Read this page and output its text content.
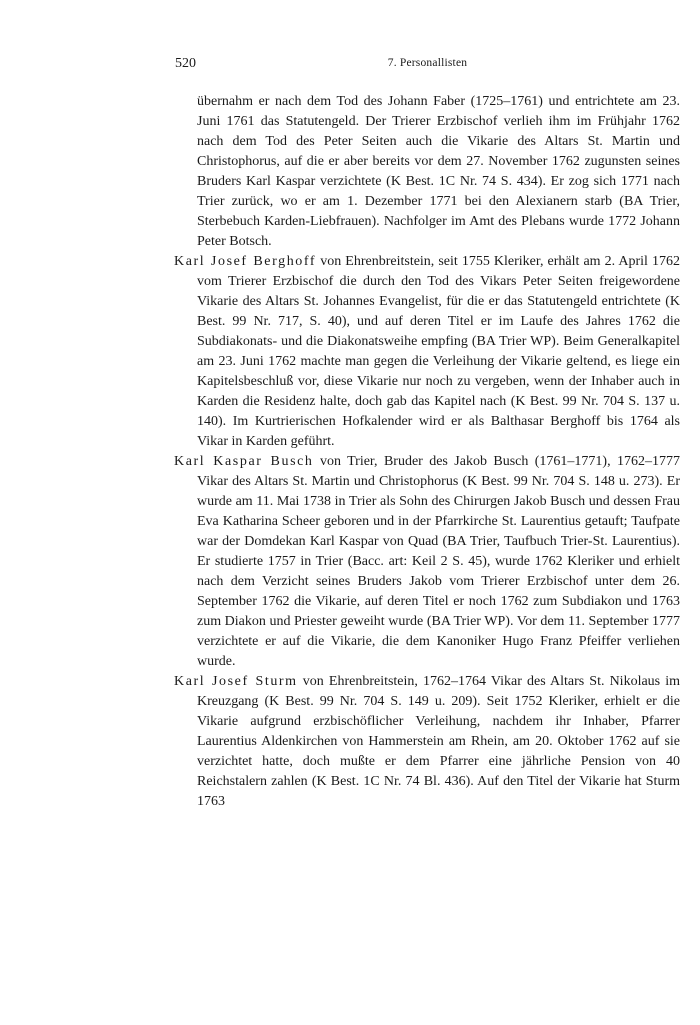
520	7. Personallisten

übernahm er nach dem Tod des Johann Faber (1725–1761) und entrichtete am 23. Juni 1761 das Statutengeld. Der Trierer Erzbischof verlieh ihm im Frühjahr 1762 nach dem Tod des Peter Seiten auch die Vikarie des Altars St. Martin und Christophorus, auf die er aber bereits vor dem 27. November 1762 zugunsten seines Bruders Karl Kaspar verzichtete (K Best. 1C Nr. 74 S. 434). Er zog sich 1771 nach Trier zurück, wo er am 1. Dezember 1771 bei den Alexianern starb (BA Trier, Sterbebuch Karden-Liebfrauen). Nachfolger im Amt des Plebans wurde 1772 Johann Peter Botsch.

Karl Josef Berghoff von Ehrenbreitstein, seit 1755 Kleriker, erhält am 2. April 1762 vom Trierer Erzbischof die durch den Tod des Vikars Peter Seiten freigewordene Vikarie des Altars St. Johannes Evangelist, für die er das Statutengeld entrichtete (K Best. 99 Nr. 717, S. 40), und auf deren Titel er im Laufe des Jahres 1762 die Subdiakonats- und die Diakonatsweihe empfing (BA Trier WP). Beim Generalkapitel am 23. Juni 1762 machte man gegen die Verleihung der Vikarie geltend, es liege ein Kapitelsbeschluß vor, diese Vikarie nur noch zu vergeben, wenn der Inhaber auch in Karden die Residenz halte, doch gab das Kapitel nach (K Best. 99 Nr. 704 S. 137 u. 140). Im Kurtrierischen Hofkalender wird er als Balthasar Berghoff bis 1764 als Vikar in Karden geführt.

Karl Kaspar Busch von Trier, Bruder des Jakob Busch (1761–1771), 1762–1777 Vikar des Altars St. Martin und Christophorus (K Best. 99 Nr. 704 S. 148 u. 273). Er wurde am 11. Mai 1738 in Trier als Sohn des Chirurgen Jakob Busch und dessen Frau Eva Katharina Scheer geboren und in der Pfarrkirche St. Laurentius getauft; Taufpate war der Domdekan Karl Kaspar von Quad (BA Trier, Taufbuch Trier-St. Laurentius). Er studierte 1757 in Trier (Bacc. art: Keil 2 S. 45), wurde 1762 Kleriker und erhielt nach dem Verzicht seines Bruders Jakob vom Trierer Erzbischof unter dem 26. September 1762 die Vikarie, auf deren Titel er noch 1762 zum Subdiakon und 1763 zum Diakon und Priester geweiht wurde (BA Trier WP). Vor dem 11. September 1777 verzichtete er auf die Vikarie, die dem Kanoniker Hugo Franz Pfeiffer verliehen wurde.

Karl Josef Sturm von Ehrenbreitstein, 1762–1764 Vikar des Altars St. Nikolaus im Kreuzgang (K Best. 99 Nr. 704 S. 149 u. 209). Seit 1752 Kleriker, erhielt er die Vikarie aufgrund erzbischöflicher Verleihung, nachdem ihr Inhaber, Pfarrer Laurentius Aldenkirchen von Hammerstein am Rhein, am 20. Oktober 1762 auf sie verzichtet hatte, doch mußte er dem Pfarrer eine jährliche Pension von 40 Reichstalern zahlen (K Best. 1C Nr. 74 Bl. 436). Auf den Titel der Vikarie hat Sturm 1763
